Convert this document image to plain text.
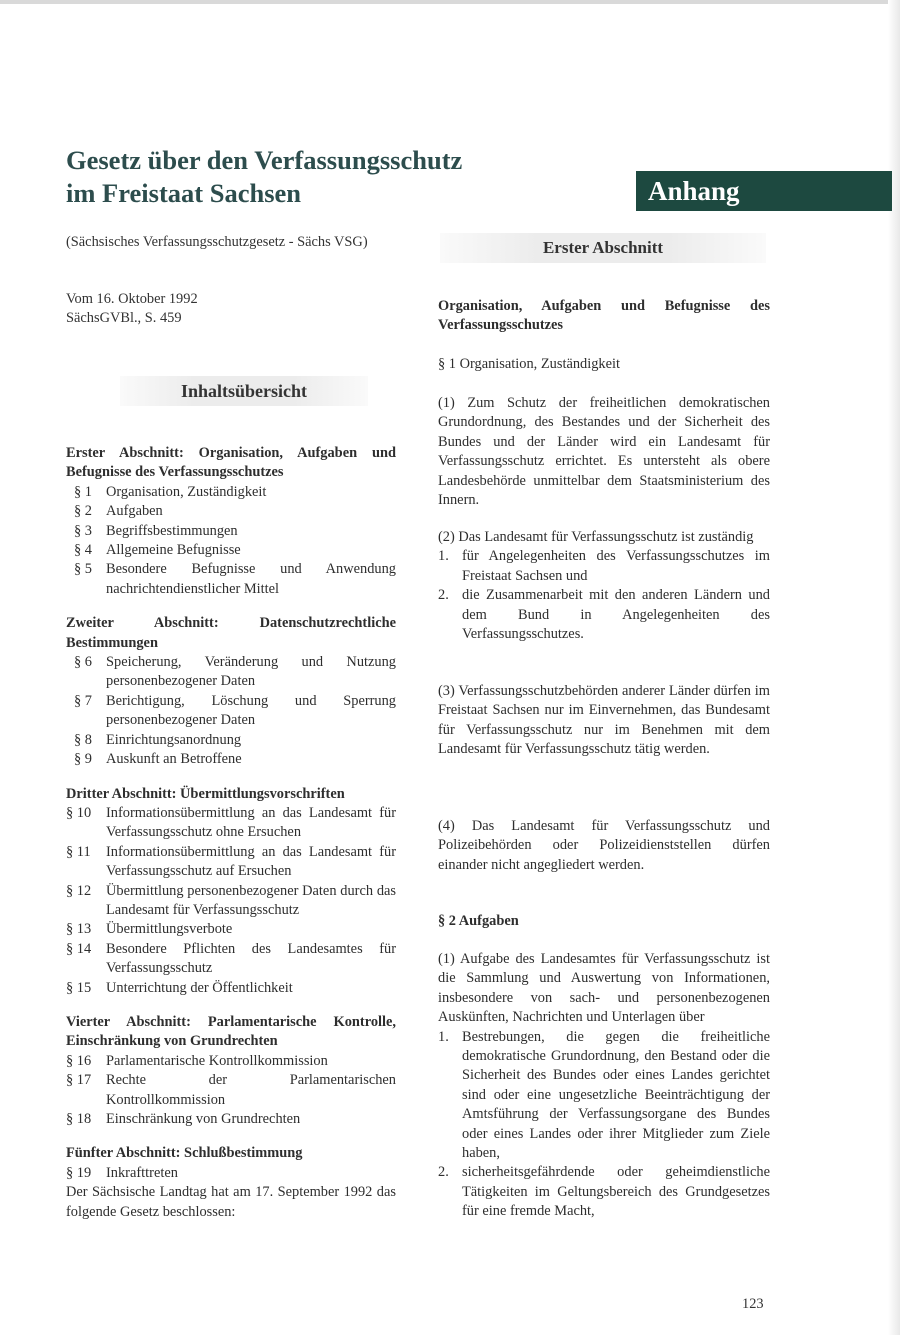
Gesetz über den Verfassungsschutz im Freistaat Sachsen	Anhang

(Sächsisches Verfassungsschutzgesetz - Sächs VSG)

Vom 16. Oktober 1992

SächsGVBl., S. 459

Inhaltsübersicht
Erster Abschnitt: Organisation, Aufgaben und Befugnisse des Verfassungsschutzes
§ 1 Organisation, Zuständigkeit
§ 2 Aufgaben
§ 3 Begriffsbestimmungen
§ 4 Allgemeine Befugnisse
§ 5 Besondere Befugnisse und Anwendung nachrichtendienstlicher Mittel
Zweiter Abschnitt: Datenschutzrechtliche Bestimmungen
§ 6 Speicherung, Veränderung und Nutzung personenbezogener Daten
§ 7 Berichtigung, Löschung und Sperrung personenbezogener Daten
§ 8 Einrichtungsanordnung
§ 9 Auskunft an Betroffene
Dritter Abschnitt: Übermittlungsvorschriften
§ 10	Informationsübermittlung an das Landesamt für Verfassungsschutz ohne Ersuchen
§ 11	Informationsübermittlung an das Landesamt für Verfassungsschutz auf Ersuchen
§ 12	Übermittlung personenbezogener Daten durch das Landesamt für Verfassungsschutz
§ 13	Übermittlungsverbote
§ 14	Besondere Pflichten des Landesamtes für Verfassungsschutz
§ 15	Unterrichtung der Öffentlichkeit
Vierter Abschnitt: Parlamentarische Kontrolle, Einschränkung von Grundrechten
§ 16	Parlamentarische Kontrollkommission
§ 17	Rechte der Parlamentarischen Kontrollkommission
§ 18	Einschränkung von Grundrechten
Fünfter Abschnitt: Schlußbestimmung
§ 19	Inkrafttreten
Der Sächsische Landtag hat am 17. September 1992 das folgende Gesetz beschlossen:
Erster Abschnitt

Organisation, Aufgaben und Befugnisse des Verfassungsschutzes

§ 1 Organisation, Zuständigkeit

(1) Zum Schutz der freiheitlichen demokratischen Grundordnung, des Bestandes und der Sicherheit des Bundes und der Länder wird ein Landesamt für Verfassungsschutz errichtet. Es untersteht als obere Landesbehörde unmittelbar dem Staatsministerium des Innern.

(2) Das Landesamt für Verfassungsschutz ist zuständig

1. für Angelegenheiten des Verfassungsschutzes im Freistaat Sachsen und
2. die Zusammenarbeit mit den anderen Ländern und dem Bund in Angelegenheiten des Verfassungsschutzes.

(3) Verfassungsschutzbehörden anderer Länder dürfen im Freistaat Sachsen nur im Einvernehmen, das Bundesamt für Verfassungsschutz nur im Benehmen mit dem Landesamt für Verfassungsschutz tätig werden.

(4) Das Landesamt für Verfassungsschutz und Polizeibehörden oder Polizeidienststellen dürfen einander nicht angegliedert werden.

§ 2 Aufgaben

(1) Aufgabe des Landesamtes für Verfassungsschutz ist die Sammlung und Auswertung von Informationen, insbesondere von sach- und personenbezogenen Auskünften, Nachrichten und Unterlagen über

1. Bestrebungen, die gegen die freiheitliche demokratische Grundordnung, den Bestand oder die Sicherheit des Bundes oder eines Landes gerichtet sind oder eine ungesetzliche Beeinträchtigung der Amtsführung der Verfassungsorgane des Bundes oder eines Landes oder ihrer Mitglieder zum Ziele haben,
2. sicherheitsgefährdende oder geheimdienstliche Tätigkeiten im Geltungsbereich des Grundgesetzes für eine fremde Macht,
123
